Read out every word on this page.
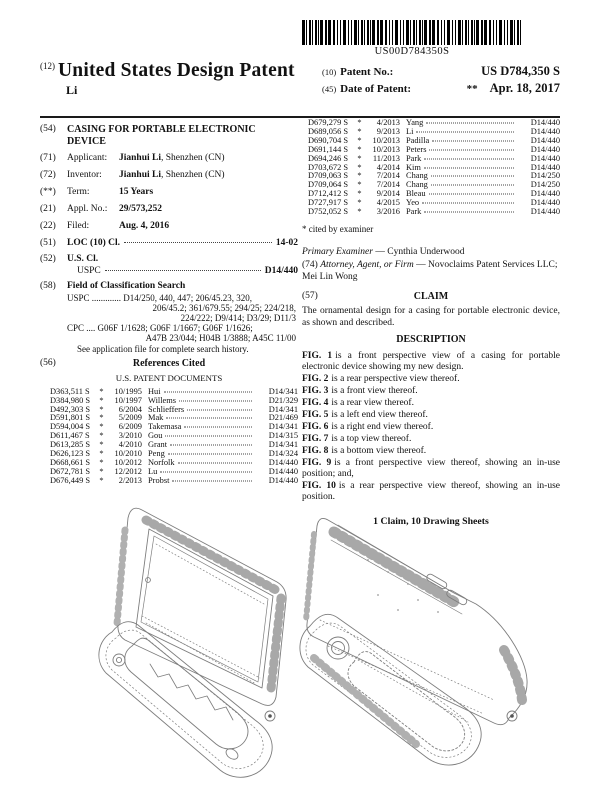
US00D784350S
$^{(12)}$ United States Design Patent
Li
(10) Patent No.:	US D784,350 S
(45) Date of Patent:	** Apr. 18, 2017
(54)	CASING FOR PORTABLE ELECTRONIC DEVICE
(71)	Applicant: Jianhui Li, Shenzhen (CN)
(72)	Inventor: Jianhui Li, Shenzhen (CN)
(**)	Term:	15 Years
(21)	Appl. No.: 29/573,252
(22)	Filed:	Aug. 4, 2016
(51)	LOC (10) Cl.	14-02
(52)	U.S. Cl.
USPC	D14/440
(58)	Field of Classification Search
USPC ............. D14/250, 440, 447; 206/45.23, 320,
206/45.2; 361/679.55; 294/25; 224/218,
224/222; D9/414; D3/29; D11/3
CPC .... G06F 1/1628; G06F 1/1667; G06F 1/1626;
A47B 23/044; H04B 1/3888; A45C 11/00
See application file for complete search history.
(56)	References Cited
U.S. PATENT DOCUMENTS
D363,511 S	*	10/1995 Hui	D14/341
D384,980 S	*	10/1997 Willems	D21/329
D492,303 S	*	6/2004 Schlieffers	D14/341
D591,801 S	*	5/2009 Mak	D21/469
D594,004 S	*	6/2009 Takemasa	D14/341
D611,467 S	*	3/2010 Gou	D14/315
D613,285 S	*	4/2010 Grant	D14/341
D626,123 S	*	10/2010 Peng	D14/324
D668,661 S	*	10/2012 Norfolk	D14/440
D672,781 S	*	12/2012 Lu	D14/440
D676,449 S	*	2/2013 Probst	D14/440
D679,279 S	*	4/2013 Yang	D14/440
D689,056 S	*	9/2013 Li	D14/440
D690,704 S	*	10/2013 Padilla	D14/440
D691,144 S	*	10/2013 Peters	D14/440
D694,246 S	*	11/2013 Park	D14/440
D703,672 S	*	4/2014 Kim	D14/440
D709,063 S	*	7/2014 Chang	D14/250
D709,064 S	*	7/2014 Chang	D14/250
D712,412 S	*	9/2014 Bleau	D14/440
D727,917 S	*	4/2015 Yeo	D14/440
D752,052 S	*	3/2016 Park	D14/440
* cited by examiner

Primary Examiner — Cynthia Underwood

(74) Attorney, Agent, or Firm — Novoclaims Patent Services LLC; Mei Lin Wong

(57)	CLAIM

The ornamental design for a casing for portable electronic device, as shown and described.

DESCRIPTION

FIG. 1 is a front perspective view of a casing for portable electronic device showing my new design.

FIG. 2 is a rear perspective view thereof.

FIG. 3 is a front view thereof.

FIG. 4 is a rear view thereof.

FIG. 5 is a left end view thereof.

FIG. 6 is a right end view thereof.

FIG. 7 is a top view thereof.

FIG. 8 is a bottom view thereof.

FIG. 9 is a front perspective view thereof, showing an in-use position; and,

FIG. 10 is a rear perspective view thereof, showing an in-use position.

1 Claim, 10 Drawing Sheets
